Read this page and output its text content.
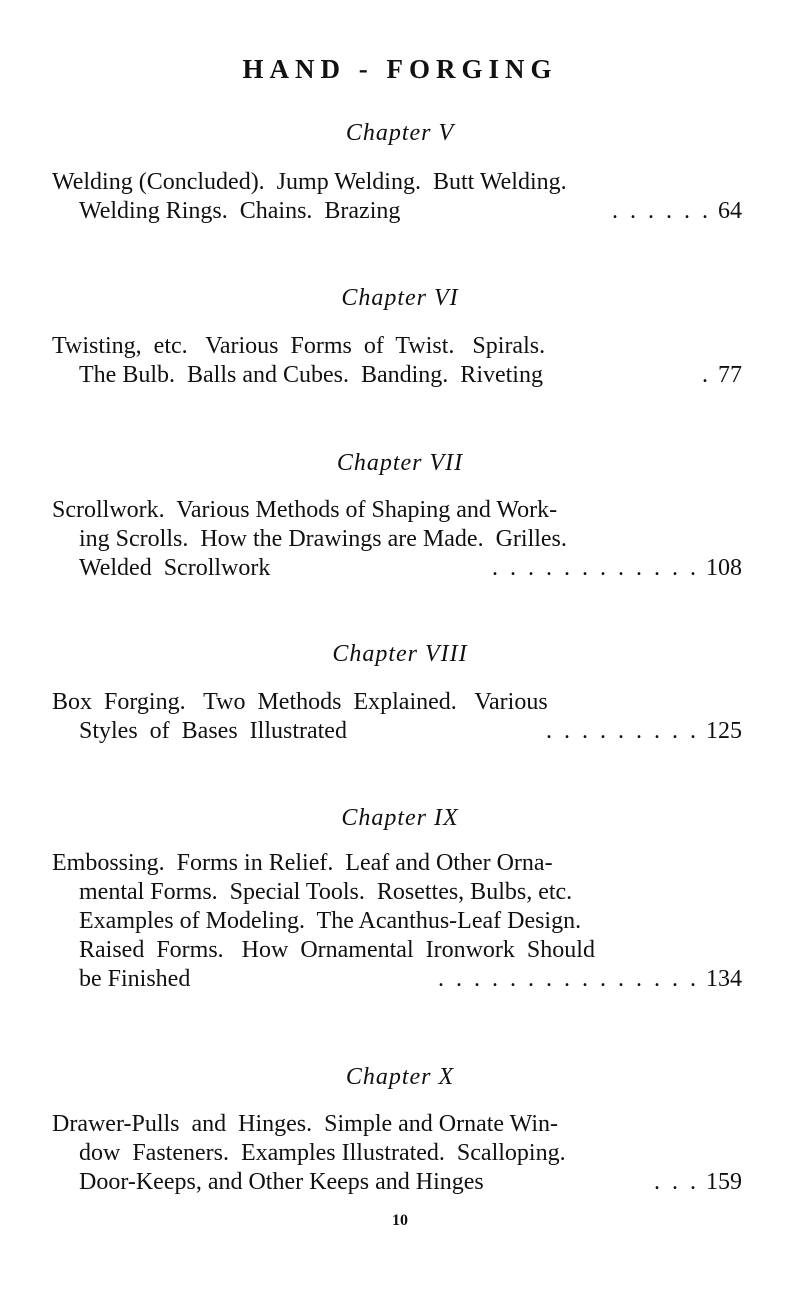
HAND - FORGING
Chapter V
Welding (Concluded).  Jump Welding.  Butt Welding.
Welding Rings.  Chains.  Brazing	.  .  .  .  .  . 64
Chapter VI
Twisting,  etc.   Various  Forms  of  Twist.   Spirals.
The Bulb.  Balls and Cubes.  Banding.  Riveting	. 77
Chapter VII
Scrollwork.  Various Methods of Shaping and Work-
ing Scrolls.  How the Drawings are Made.  Grilles.
Welded  Scrollwork	.  .  .  .  .  .  .  .  .  .  .  . 108
Chapter VIII
Box  Forging.   Two  Methods  Explained.   Various
Styles  of  Bases  Illustrated	.  .  .  .  .  .  .  .  . 125
Chapter IX
Embossing.  Forms in Relief.  Leaf and Other Orna-
mental Forms.  Special Tools.  Rosettes, Bulbs, etc.
Examples of Modeling.  The Acanthus-Leaf Design.
Raised  Forms.   How  Ornamental  Ironwork  Should
be Finished	.  .  .  .  .  .  .  .  .  .  .  .  .  .  . 134
Chapter X
Drawer-Pulls  and  Hinges.  Simple and Ornate Win-
dow  Fasteners.  Examples Illustrated.  Scalloping.
Door-Keeps, and Other Keeps and Hinges	.  .  . 159
10
